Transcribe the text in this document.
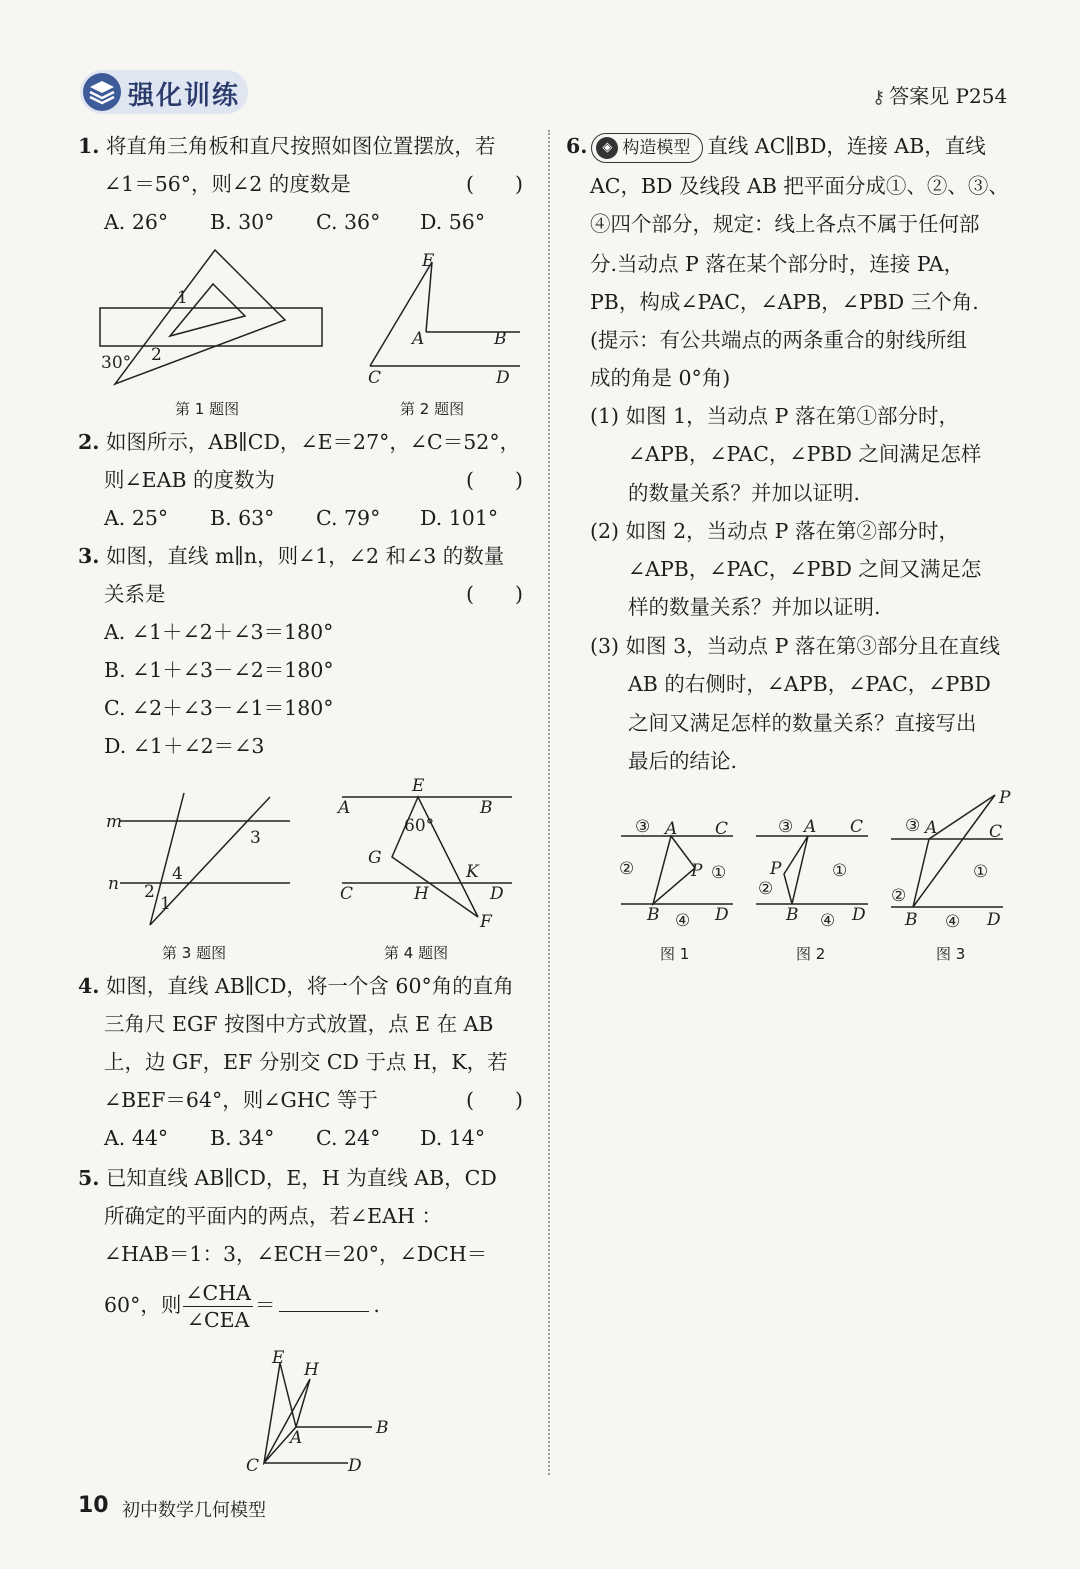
强化训练	⚷ 答案见 P254
1. 将直角三角板和直尺按照如图位置摆放，若
∠1＝56°，则∠2 的度数是	(　　)
A. 26° B. 30° C. 36° D. 56°
1
2
30°
第 1 题图
E
A	B
C	D
第 2 题图
2. 如图所示，AB∥CD，∠E＝27°，∠C＝52°，
则∠EAB 的度数为	(　　)
A. 25° B. 63° C. 79° D. 101°
3. 如图，直线 m∥n，则∠1，∠2 和∠3 的数量
关系是	(　　)
A. ∠1＋∠2＋∠3＝180°
B. ∠1＋∠3－∠2＝180°
C. ∠2＋∠3－∠1＝180°
D. ∠1＋∠2＝∠3
m
n
1
2
3
4
第 3 题图
E
A	B
60°
G
K
C	H	D
F
第 4 题图
4. 如图，直线 AB∥CD，将一个含 60°角的直角
三角尺 EGF 按图中方式放置，点 E 在 AB
上，边 GF，EF 分别交 CD 于点 H，K，若
∠BEF＝64°，则∠GHC 等于	(　　)
A. 44° B. 34° C. 24° D. 14°
5. 已知直线 AB∥CD，E，H 为直线 AB，CD
所确定的平面内的两点，若∠EAH ：
∠HAB＝1：3，∠ECH＝20°，∠DCH＝
60°，则 $\frac{\text{∠CHA}}{\text{∠CEA}}$ ＝	.
E
H
A	B
C	D
6. ◈ 构造模型 直线 AC∥BD，连接 AB，直线
AC，BD 及线段 AB 把平面分成①、②、③、
④四个部分，规定：线上各点不属于任何部
分.当动点 P 落在某个部分时，连接 PA，
PB，构成∠PAC，∠APB，∠PBD 三个角.
(提示：有公共端点的两条重合的射线所组
成的角是 0°角)
(1) 如图 1，当动点 P 落在第①部分时，
∠APB，∠PAC，∠PBD 之间满足怎样
的数量关系？并加以证明.
(2) 如图 2，当动点 P 落在第②部分时，
∠APB，∠PAC，∠PBD 之间又满足怎
样的数量关系？并加以证明.
(3) 如图 3，当动点 P 落在第③部分且在直线
AB 的右侧时，∠APB，∠PAC，∠PBD
之间又满足怎样的数量关系？直接写出
最后的结论.
③ A C
②	P ①
B ④ D
图 1
③ A C
P
②
①
B ④ D
图 2
P
③ A	C
②
①
B ④ D
图 3
10 初中数学几何模型
